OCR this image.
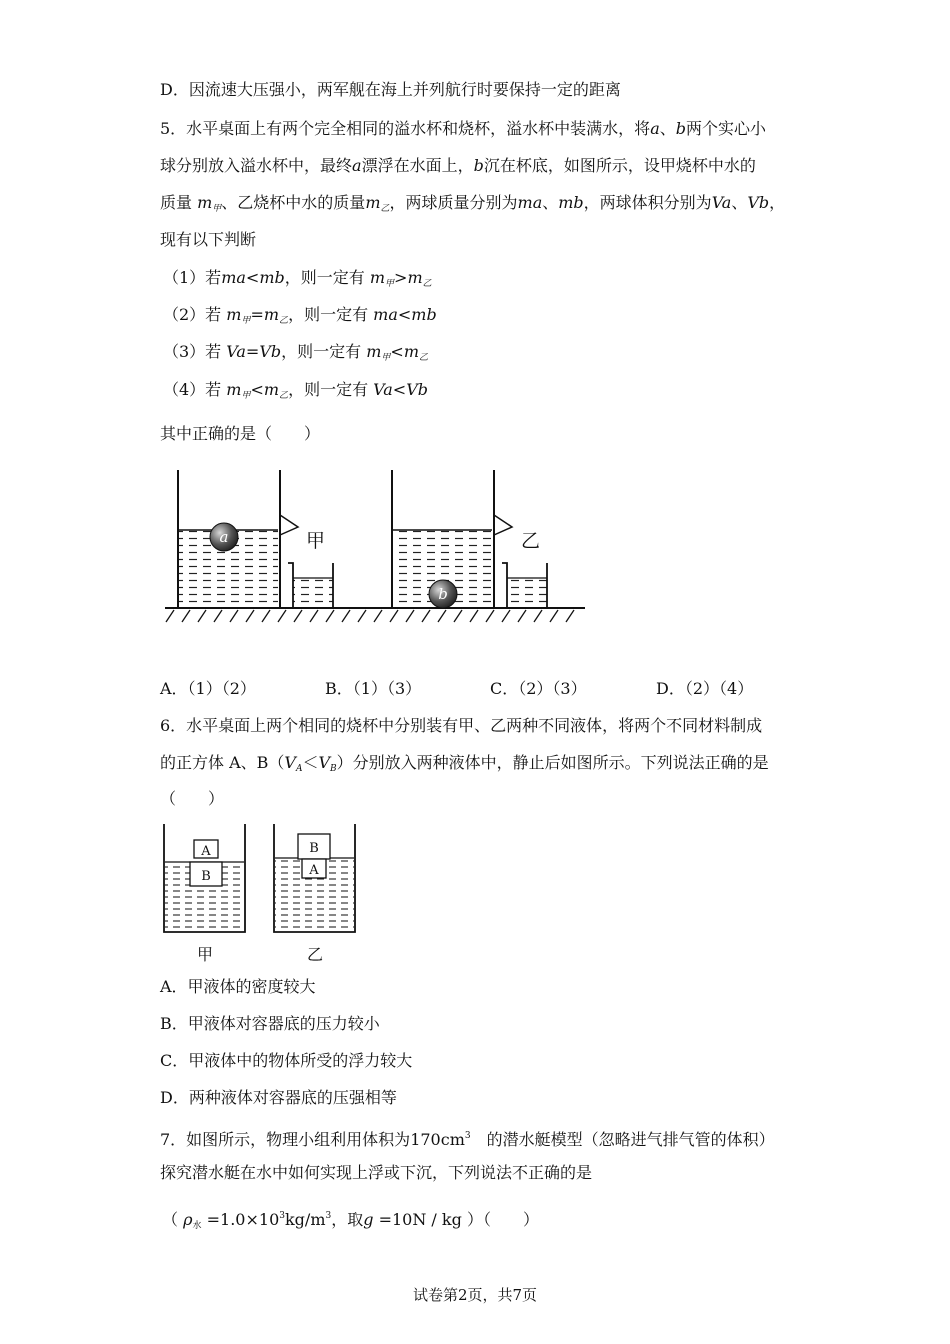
D．因流速大压强小，两军舰在海上并列航行时要保持一定的距离
5．水平桌面上有两个完全相同的溢水杯和烧杯，溢水杯中装满水，将a、b两个实心小
球分别放入溢水杯中，最终a漂浮在水面上，b沉在杯底，如图所示，设甲烧杯中水的
质量 $m_甲$、乙烧杯中水的质量$m_乙$，两球质量分别为ma、mb，两球体积分别为Va、Vb，
现有以下判断
（1）若ma<mb，则一定有 $m_甲>m_乙$
（2）若 $m_甲=m_乙$，则一定有 ma<mb
（3）若 Va=Vb，则一定有 $m_甲<m_乙$
（4）若 $m_甲<m_乙$，则一定有 Va<Vb
其中正确的是（　　）
a	甲
b
乙
A．（1）（2）	B．（1）（3）	C．（2）（3）	D．（2）（4）
6．水平桌面上两个相同的烧杯中分别装有甲、乙两种不同液体，将两个不同材料制成
的正方体 A、$B(V_A<V_B)$分别放入两种液体中，静止后如图所示。下列说法正确的是
（　　）
A
B
甲
B
A
乙
A．甲液体的密度较大
B．甲液体对容器底的压力较小
C．甲液体中的物体所受的浮力较大
D．两种液体对容器底的压强相等
7．如图所示，物理小组利用体积为$170cm^3$　 的潜水艇模型（忽略进气排气管的体积）
探究潜水艇在水中如何实现上浮或下沉，下列说法不正确的是
（ $\rho_水 =1.0\times 10^3kg/m^3$，取g =10N / kg ）（　　）
试卷第2页，共7页
